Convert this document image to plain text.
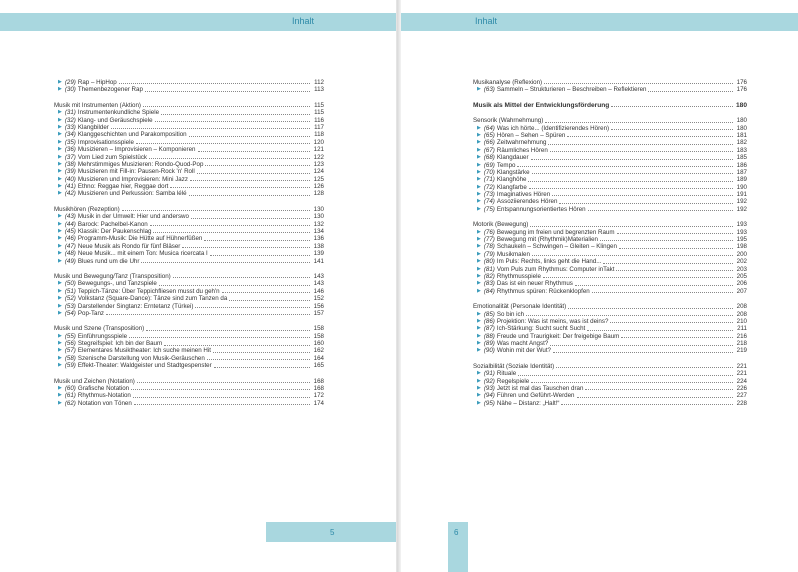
Inhalt
▶ (29) Rap – HipHop	112
▶ (30) Themenbezogener Rap	113
Musik mit Instrumenten (Aktion)	115
▶ (31) Instrumentenkundliche Spiele	115
▶ (32) Klang- und Geräuschspiele	116
▶ (33) Klangbilder	117
▶ (34) Klanggeschichten und Parakomposition	118
▶ (35) Improvisationsspiele	120
▶ (36) Musizieren – Improvisieren – Komponieren	121
▶ (37) Vom Lied zum Spielstück	122
▶ (38) Mehrstimmiges Musizieren: Rondo-Quod-Pop	123
▶ (39) Musizieren mit Fill-in: Pausen-Rock 'n' Roll	124
▶ (40) Musizieren und Improvisieren: Mini Jazz	125
▶ (41) Ethno: Reggae hier, Reggae dort	126
▶ (42) Musizieren und Perkussion: Samba lélé	128
Musikhören (Rezeption)	130
▶ (43) Musik in der Umwelt: Hier und anderswo	130
▶ (44) Barock: Pachelbel-Kanon	132
▶ (45) Klassik: Der Paukenschlag	134
▶ (46) Programm-Musik: Die Hütte auf Hühnerfüßen	136
▶ (47) Neue Musik als Rondo für fünf Bläser	138
▶ (48) Neue Musik... mit einem Ton: Musica ricercata I	139
▶ (49) Blues rund um die Uhr	141
Musik und Bewegung/Tanz (Transposition)	143
▶ (50) Bewegungs-, und Tanzspiele	143
▶ (51) Teppich-Tänze: Über Teppichfliesen musst du geh'n	146
▶ (52) Volkstanz (Square-Dance): Tänze sind zum Tanzen da	152
▶ (53) Darstellender Singtanz: Erntetanz (Türkei)	156
▶ (54) Pop-Tanz	157
Musik und Szene (Transposition)	158
▶ (55) Einführungsspiele	158
▶ (56) Stegreifspiel: Ich bin der Baum	160
▶ (57) Elementares Musiktheater: Ich suche meinen Hit	162
▶ (58) Szenische Darstellung von Musik-Geräuschen	164
▶ (59) Effekt-Theater: Waldgeister und Stadtgespenster	165
Musik und Zeichen (Notation)	168
▶ (60) Grafische Notation	168
▶ (61) Rhythmus-Notation	172
▶ (62) Notation von Tönen	174
5
Inhalt
Musikanalyse (Reflexion)	176
▶ (63) Sammeln – Strukturieren – Beschreiben – Reflektieren	176
Musik als Mittel der Entwicklungsförderung	180
Sensorik (Wahrnehmung)	180
▶ (64) Was ich hörte... (Identifizierendes Hören)	180
▶ (65) Hören – Sehen – Spüren	181
▶ (66) Zeitwahrnehmung	182
▶ (67) Räumliches Hören	183
▶ (68) Klangdauer	185
▶ (69) Tempo	186
▶ (70) Klangstärke	187
▶ (71) Klanghöhe	189
▶ (72) Klangfarbe	190
▶ (73) Imaginatives Hören	191
▶ (74) Assoziierendes Hören	192
▶ (75) Entspannungsorientiertes Hören	192
Motorik (Bewegung)	193
▶ (76) Bewegung im freien und begrenzten Raum	193
▶ (77) Bewegung mit (Rhythmik)Materialien	195
▶ (78) Schaukeln – Schwingen – Gleiten – Klingen	198
▶ (79) Musikmalen	200
▶ (80) Im Puls: Rechts, links geht die Hand...	202
▶ (81) Vom Puls zum Rhythmus: Computer inTakt	203
▶ (82) Rhythmusspiele	205
▶ (83) Das ist ein neuer Rhythmus	206
▶ (84) Rhythmus spüren: Rückenklopfen	207
Emotionalität (Personale Identität)	208
▶ (85) So bin ich	208
▶ (86) Projektion: Was ist meins, was ist deins?	210
▶ (87) Ich-Stärkung: Sucht sucht Sucht	211
▶ (88) Freude und Traurigkeit: Der freigebige Baum	216
▶ (89) Was macht Angst?	218
▶ (90) Wohin mit der Wut?	219
Sozialbilität (Soziale Identität)	221
▶ (91) Rituale	221
▶ (92) Regelspiele	224
▶ (93) Jetzt ist mal das Tauschen dran	226
▶ (94) Führen und Geführt-Werden	227
▶ (95) Nähe – Distanz: „Halt!“	228
6
